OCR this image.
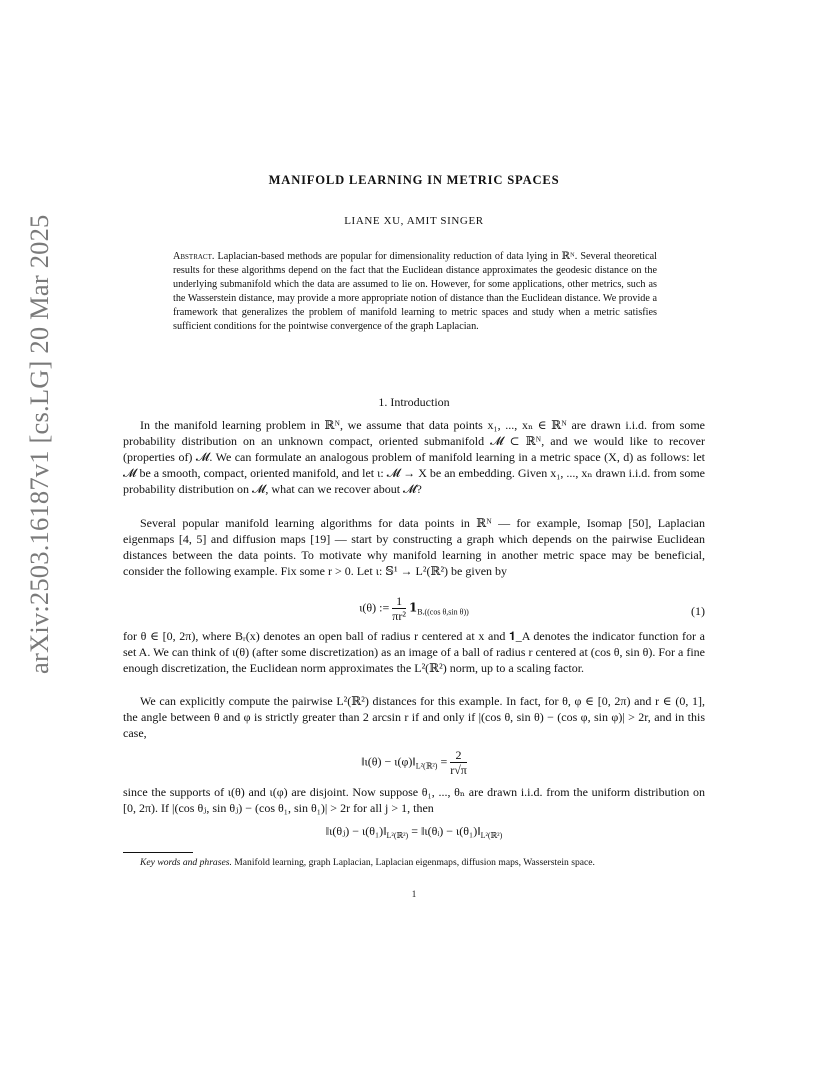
arXiv:2503.16187v1 [cs.LG] 20 Mar 2025
MANIFOLD LEARNING IN METRIC SPACES
LIANE XU, AMIT SINGER
Abstract. Laplacian-based methods are popular for dimensionality reduction of data lying in ℝᴺ. Several theoretical results for these algorithms depend on the fact that the Euclidean distance approximates the geodesic distance on the underlying submanifold which the data are assumed to lie on. However, for some applications, other metrics, such as the Wasserstein distance, may provide a more appropriate notion of distance than the Euclidean distance. We provide a framework that generalizes the problem of manifold learning to metric spaces and study when a metric satisfies sufficient conditions for the pointwise convergence of the graph Laplacian.
1. Introduction
In the manifold learning problem in ℝᴺ, we assume that data points x₁, ..., xₙ ∈ ℝᴺ are drawn i.i.d. from some probability distribution on an unknown compact, oriented submanifold 𝓜 ⊂ ℝᴺ, and we would like to recover (properties of) 𝓜. We can formulate an analogous problem of manifold learning in a metric space (X, d) as follows: let 𝓜 be a smooth, compact, oriented manifold, and let ι: 𝓜 → X be an embedding. Given x₁, ..., xₙ drawn i.i.d. from some probability distribution on 𝓜, what can we recover about 𝓜?
Several popular manifold learning algorithms for data points in ℝᴺ — for example, Isomap [50], Laplacian eigenmaps [4, 5] and diffusion maps [19] — start by constructing a graph which depends on the pairwise Euclidean distances between the data points. To motivate why manifold learning in another metric space may be beneficial, consider the following example. Fix some r > 0. Let ι: 𝕊¹ → L²(ℝ²) be given by
ι(θ) := $\frac{1}{\text{πr²}}$ $𝟏_{Bᵣ((cos \theta,sin \theta))}$	(1)
for θ ∈ [0, 2π), where Bᵣ(x) denotes an open ball of radius r centered at x and 𝟏_A denotes the indicator function for a set A. We can think of ι(θ) (after some discretization) as an image of a ball of radius r centered at (cos θ, sin θ). For a fine enough discretization, the Euclidean norm approximates the L²(ℝ²) norm, up to a scaling factor.
We can explicitly compute the pairwise L²(ℝ²) distances for this example. In fact, for θ, φ ∈ [0, 2π) and r ∈ (0, 1], the angle between θ and φ is strictly greater than 2 arcsin r if and only if |(cos θ, sin θ) − (cos φ, sin φ)| > 2r, and in this case,
‖ι(θ) − $\iota(\varphi)‖_{L^2(ℝ^2)} = \frac{2}{r√\pi}$
since the supports of ι(θ) and ι(φ) are disjoint. Now suppose θ₁, ..., θₙ are drawn i.i.d. from the uniform distribution on [0, 2π). If |(cos θⱼ, sin θⱼ) − (cos θ₁, sin θ₁)| > 2r for all j > 1, then
‖ι(θⱼ) − $\iota(\theta_1)‖_{L^2(ℝ^2)}$ = ‖ι(θᵢ) − $\iota(\theta_1)‖_{L^2(ℝ^2)}$
Key words and phrases. Manifold learning, graph Laplacian, Laplacian eigenmaps, diffusion maps, Wasserstein space.
1
